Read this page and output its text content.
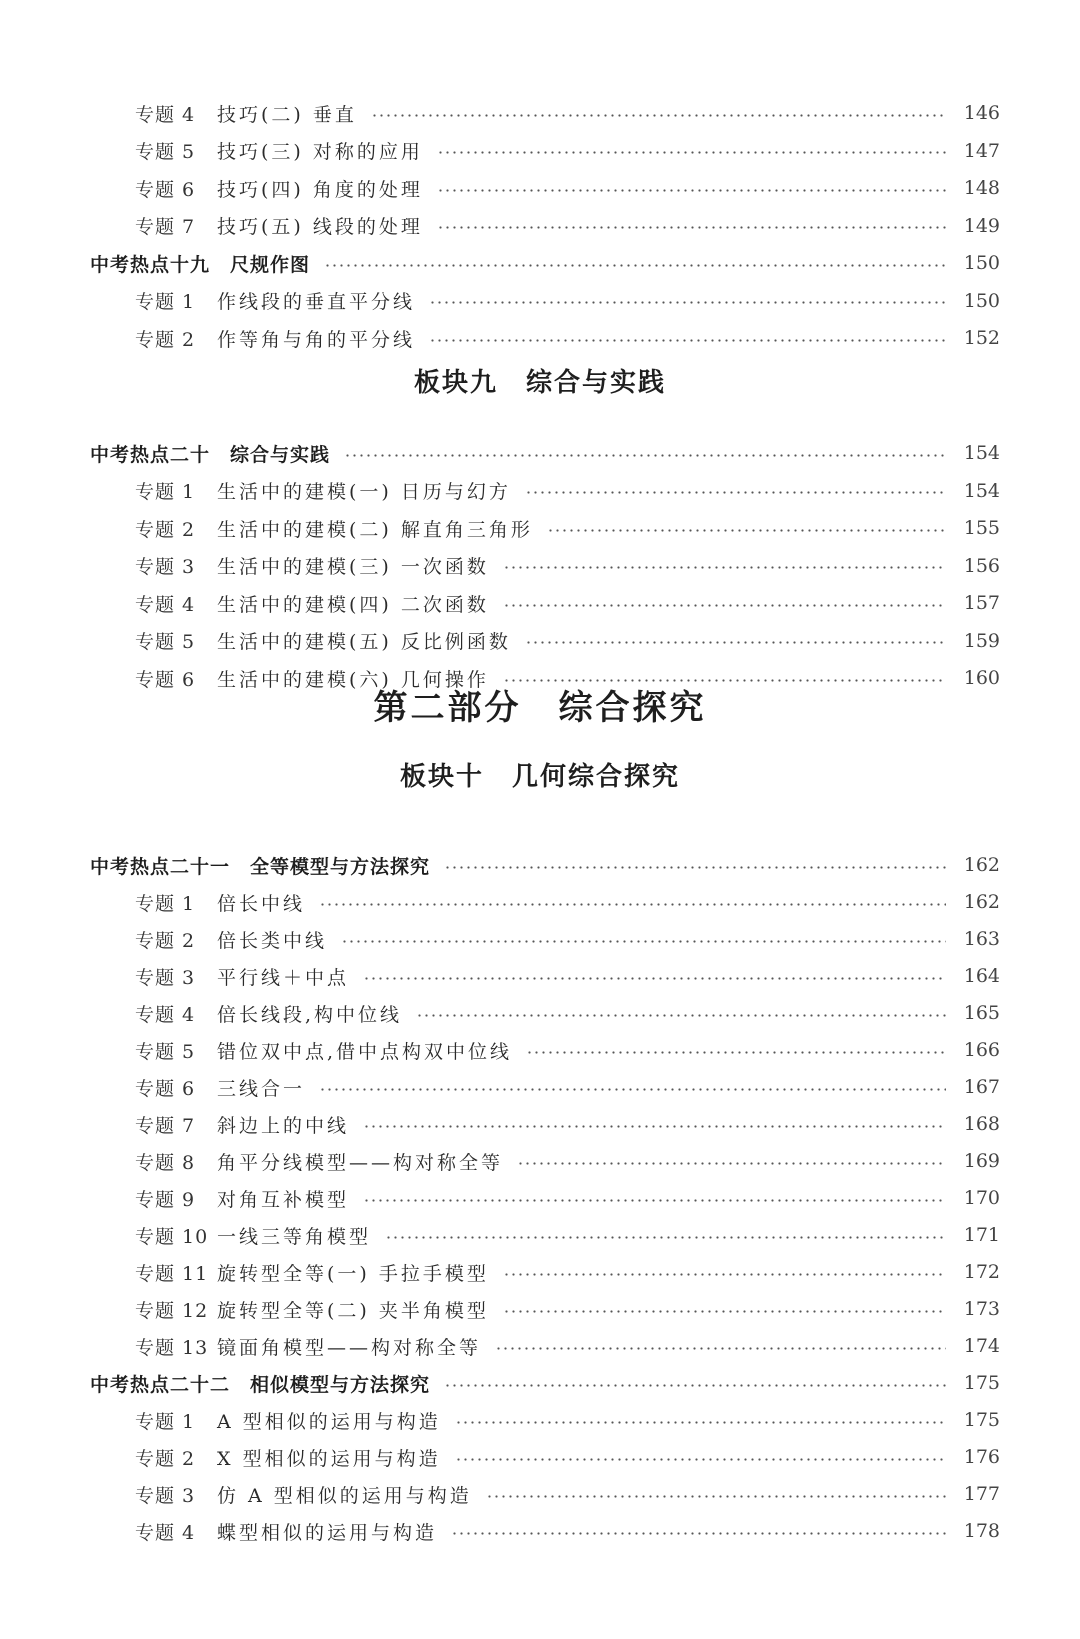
板块九　综合与实践
第二部分　综合探究
板块十　几何综合探究
专题 4	技巧(二) 垂直	146
专题 5	技巧(三) 对称的应用	147
专题 6	技巧(四) 角度的处理	148
专题 7	技巧(五) 线段的处理	149
中考热点十九　尺规作图	150
专题 1	作线段的垂直平分线	150
专题 2	作等角与角的平分线	152
中考热点二十　综合与实践	154
专题 1	生活中的建模(一) 日历与幻方	154
专题 2	生活中的建模(二) 解直角三角形	155
专题 3	生活中的建模(三) 一次函数	156
专题 4	生活中的建模(四) 二次函数	157
专题 5	生活中的建模(五) 反比例函数	159
专题 6	生活中的建模(六) 几何操作	160
中考热点二十一　全等模型与方法探究	162
专题 1	倍长中线	162
专题 2	倍长类中线	163
专题 3	平行线＋中点	164
专题 4	倍长线段,构中位线	165
专题 5	错位双中点,借中点构双中位线	166
专题 6	三线合一	167
专题 7	斜边上的中线	168
专题 8	角平分线模型——构对称全等	169
专题 9	对角互补模型	170
专题 10 一线三等角模型	171
专题 11 旋转型全等(一) 手拉手模型	172
专题 12 旋转型全等(二) 夹半角模型	173
专题 13 镜面角模型——构对称全等	174
中考热点二十二　相似模型与方法探究	175
专题 1	A 型相似的运用与构造	175
专题 2	X 型相似的运用与构造	176
专题 3	仿 A 型相似的运用与构造	177
专题 4	蝶型相似的运用与构造	178
